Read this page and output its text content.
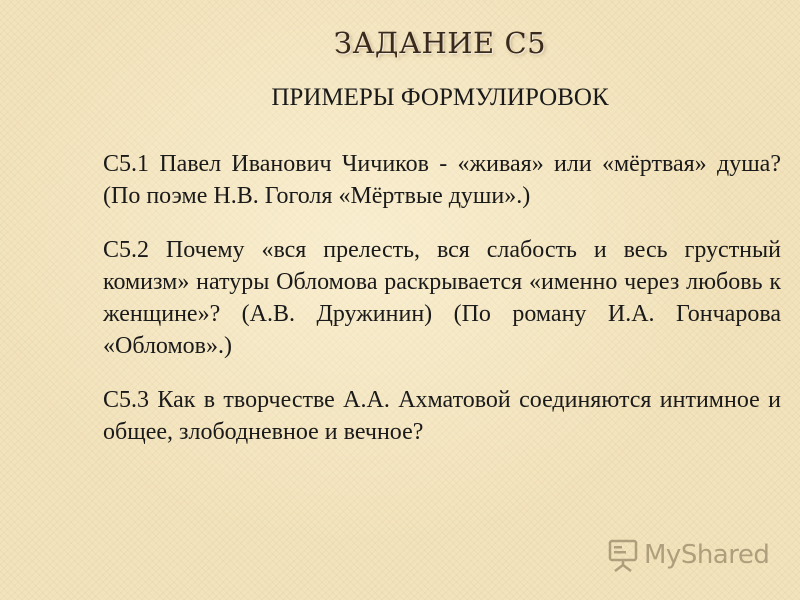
ЗАДАНИЕ С5
ПРИМЕРЫ ФОРМУЛИРОВОК

С5.1 Павел Иванович Чичиков - «живая» или «мёртвая» душа? (По поэме Н.В. Гоголя «Мёртвые души».)

С5.2 Почему «вся прелесть, вся слабость и весь грустный комизм» натуры Обломова раскрывается «именно через любовь к женщине»? (А.В. Дружинин) (По роману И.А. Гончарова «Обломов».)

С5.3 Как в творчестве А.А. Ахматовой соединяются интимное и общее, злободневное и вечное?

MyShared
